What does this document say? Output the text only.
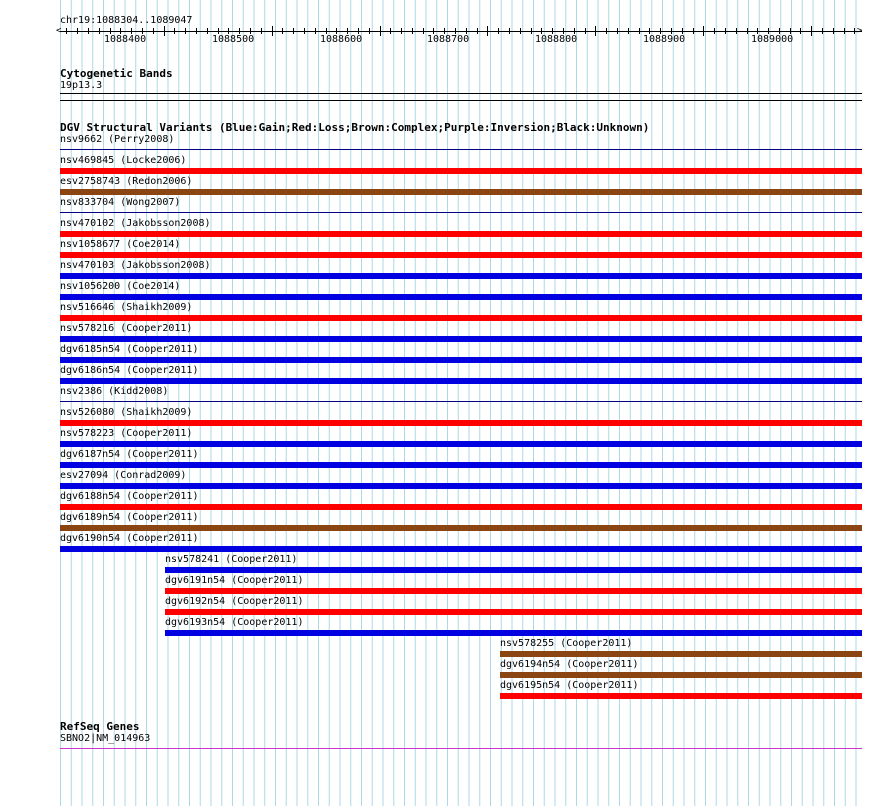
chr19:1088304..1089047
1088400	1088500	1088600	1088700	1088800	1088900	1089000
<	>
Cytogenetic Bands
19p13.3
DGV Structural Variants (Blue:Gain;Red:Loss;Brown:Complex;Purple:Inversion;Black:Unknown)
nsv9662 (Perry2008)
nsv469845 (Locke2006)
esv2758743 (Redon2006)
nsv833704 (Wong2007)
nsv470102 (Jakobsson2008)
nsv1058677 (Coe2014)
nsv470103 (Jakobsson2008)
nsv1056200 (Coe2014)
nsv516646 (Shaikh2009)
nsv578216 (Cooper2011)
dgv6185n54 (Cooper2011)
dgv6186n54 (Cooper2011)
nsv2386 (Kidd2008)
nsv526080 (Shaikh2009)
nsv578223 (Cooper2011)
dgv6187n54 (Cooper2011)
esv27094 (Conrad2009)
dgv6188n54 (Cooper2011)
dgv6189n54 (Cooper2011)
dgv6190n54 (Cooper2011)
nsv578241 (Cooper2011)
dgv6191n54 (Cooper2011)
dgv6192n54 (Cooper2011)
dgv6193n54 (Cooper2011)
nsv578255 (Cooper2011)
dgv6194n54 (Cooper2011)
dgv6195n54 (Cooper2011)
RefSeq Genes
SBNO2|NM_014963
